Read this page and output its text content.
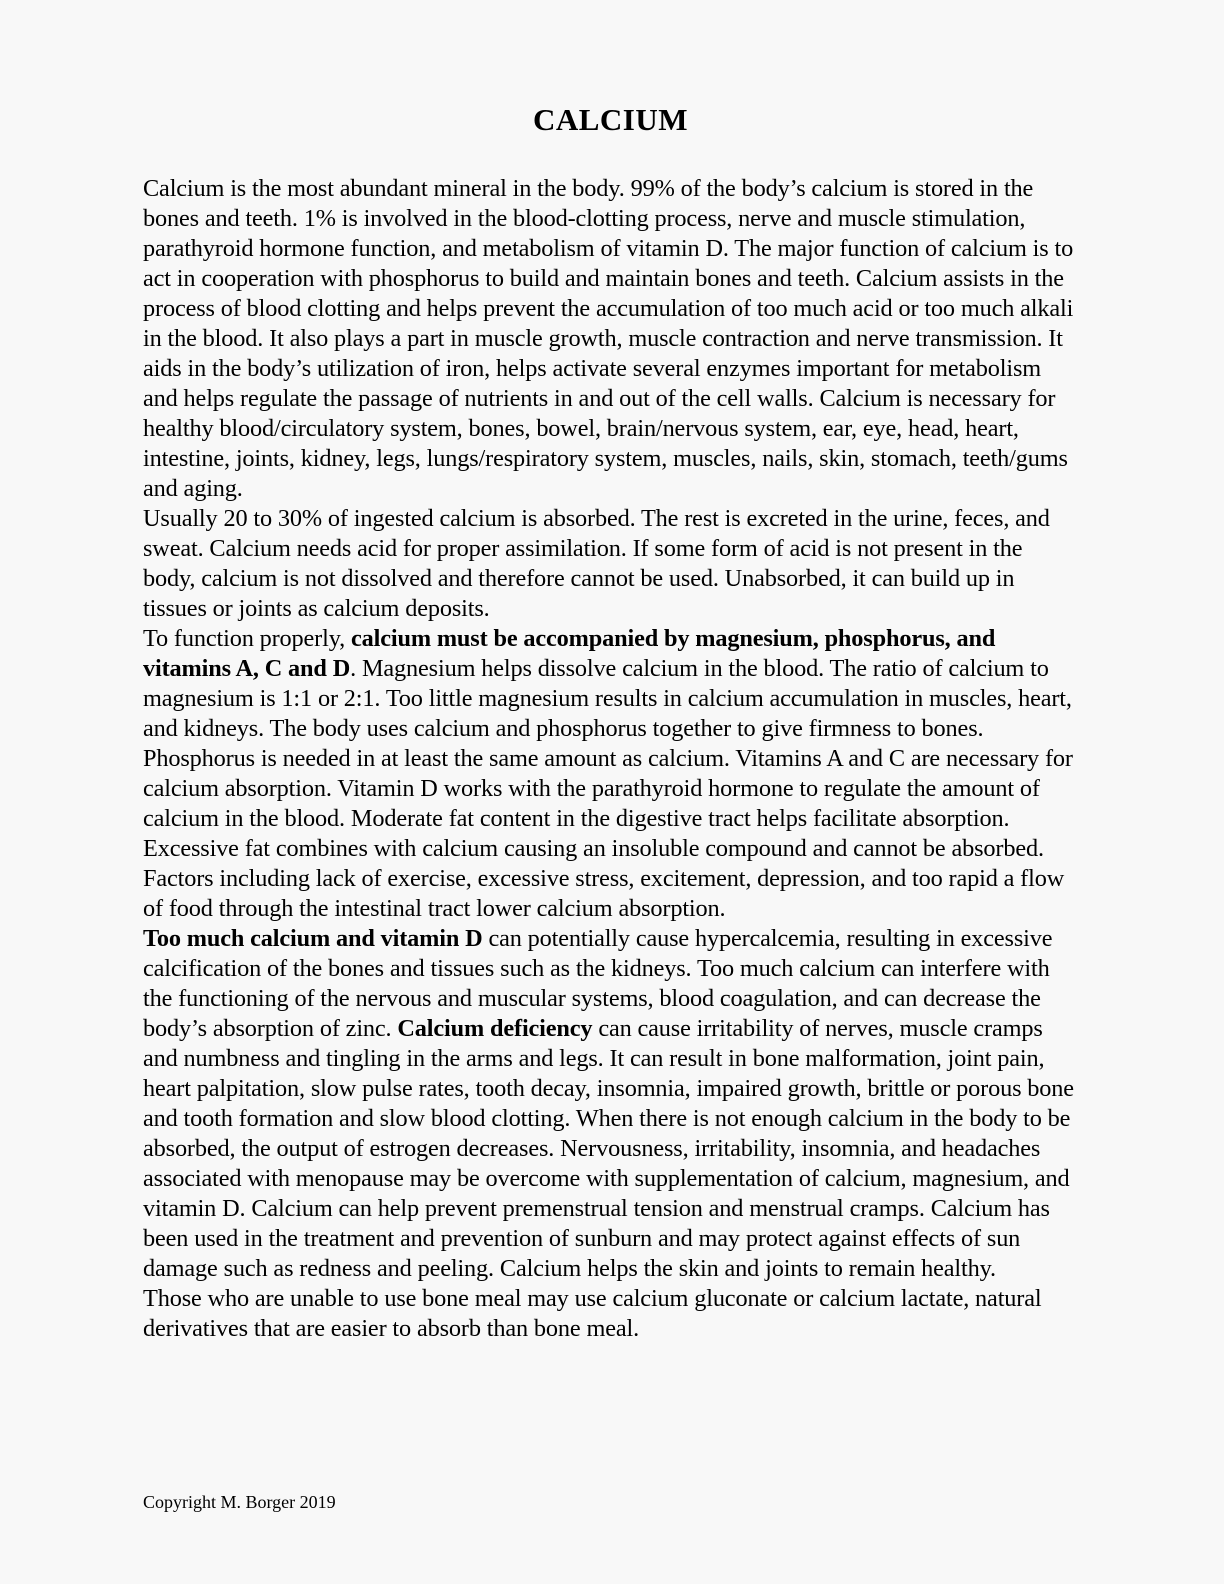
CALCIUM

Calcium is the most abundant mineral in the body. 99% of the body’s calcium is stored in the bones and teeth. 1% is involved in the blood-clotting process, nerve and muscle stimulation, parathyroid hormone function, and metabolism of vitamin D. The major function of calcium is to act in cooperation with phosphorus to build and maintain bones and teeth. Calcium assists in the process of blood clotting and helps prevent the accumulation of too much acid or too much alkali in the blood. It also plays a part in muscle growth, muscle contraction and nerve transmission. It aids in the body’s utilization of iron, helps activate several enzymes important for metabolism and helps regulate the passage of nutrients in and out of the cell walls. Calcium is necessary for healthy blood/circulatory system, bones, bowel, brain/nervous system, ear, eye, head, heart, intestine, joints, kidney, legs, lungs/respiratory system, muscles, nails, skin, stomach, teeth/gums and aging.

Usually 20 to 30% of ingested calcium is absorbed. The rest is excreted in the urine, feces, and sweat. Calcium needs acid for proper assimilation. If some form of acid is not present in the body, calcium is not dissolved and therefore cannot be used. Unabsorbed, it can build up in tissues or joints as calcium deposits.

To function properly, calcium must be accompanied by magnesium, phosphorus, and vitamins A, C and D. Magnesium helps dissolve calcium in the blood. The ratio of calcium to magnesium is 1:1 or 2:1. Too little magnesium results in calcium accumulation in muscles, heart, and kidneys. The body uses calcium and phosphorus together to give firmness to bones. Phosphorus is needed in at least the same amount as calcium. Vitamins A and C are necessary for calcium absorption. Vitamin D works with the parathyroid hormone to regulate the amount of calcium in the blood. Moderate fat content in the digestive tract helps facilitate absorption. Excessive fat combines with calcium causing an insoluble compound and cannot be absorbed. Factors including lack of exercise, excessive stress, excitement, depression, and too rapid a flow of food through the intestinal tract lower calcium absorption.

Too much calcium and vitamin D can potentially cause hypercalcemia, resulting in excessive calcification of the bones and tissues such as the kidneys. Too much calcium can interfere with the functioning of the nervous and muscular systems, blood coagulation, and can decrease the body’s absorption of zinc. Calcium deficiency can cause irritability of nerves, muscle cramps and numbness and tingling in the arms and legs. It can result in bone malformation, joint pain, heart palpitation, slow pulse rates, tooth decay, insomnia, impaired growth, brittle or porous bone and tooth formation and slow blood clotting. When there is not enough calcium in the body to be absorbed, the output of estrogen decreases. Nervousness, irritability, insomnia, and headaches associated with menopause may be overcome with supplementation of calcium, magnesium, and vitamin D. Calcium can help prevent premenstrual tension and menstrual cramps. Calcium has been used in the treatment and prevention of sunburn and may protect against effects of sun damage such as redness and peeling. Calcium helps the skin and joints to remain healthy.

Those who are unable to use bone meal may use calcium gluconate or calcium lactate, natural derivatives that are easier to absorb than bone meal.

Copyright M. Borger 2019
